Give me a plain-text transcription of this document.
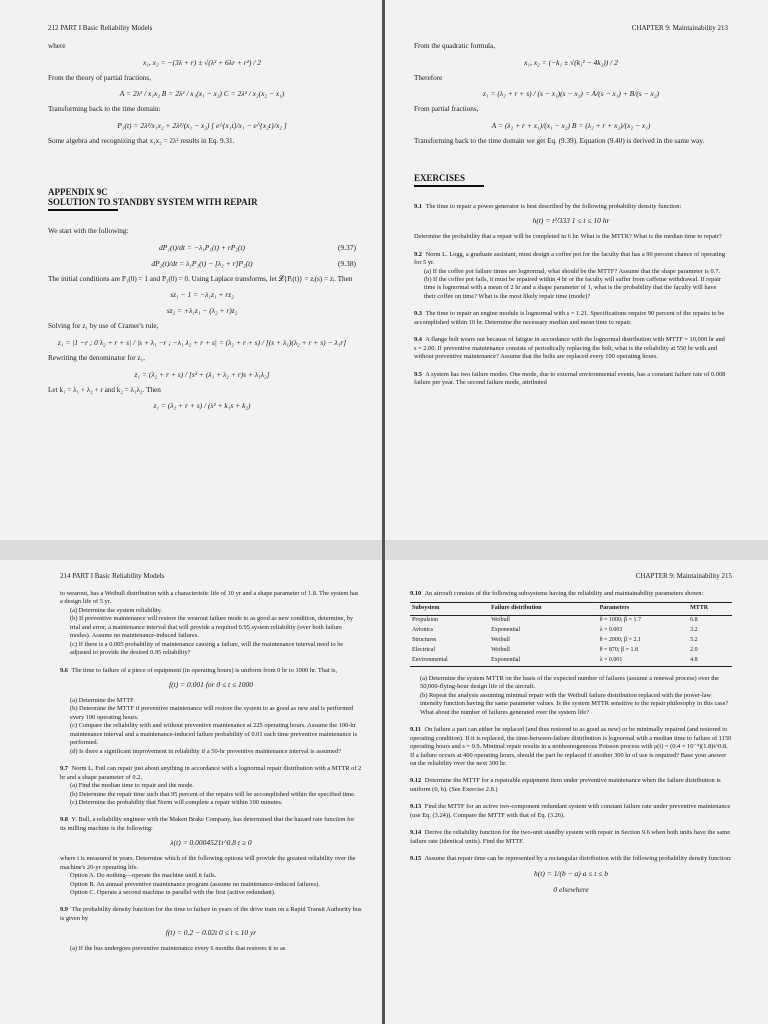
212 PART I Basic Reliability Models
where
x₁, x₂ = −(3λ + r) ± √(λ² + 6λr + r²) / 2
From the theory of partial fractions,
A = 2λ² / x₁x₂ B = 2λ² / x₁(x₁ − x₂) C = 2λ² / x₂(x₂ − x₁)
Transforming back to the time domain:
P₃(t) = 2λ²/x₁x₂ + 2λ²/(x₁ − x₂) [ e^{x₁t}/x₁ − e^{x₂t}/x₂ ]
Some algebra and recognizing that x₁x₂ = 2λ² results in Eq. 9.31.
APPENDIX 9C
SOLUTION TO STANDBY SYSTEM WITH REPAIR
We start with the following:
dP₁(t)/dt = −λ₁P₁(t) + rP₂(t)	(9.37)
dP₂(t)/dt = λ₁P₁(t) − [λ₂ + r]P₂(t)	(9.38)
The initial conditions are P₁(0) = 1 and P₂(0) = 0. Using Laplace transforms, let 𝓛{Pᵢ(t)} = zᵢ(s) = zᵢ. Then
sz₁ − 1 = −λ₁z₁ + rz₂
sz₂ = +λ₁z₁ − (λ₂ + r)z₂
Solving for z₁ by use of Cramer's rule,
z₁ = |1 −r ; 0 λ₂ + r + s| / |s + λ₁ −r ; −λ₁ λ₂ + r + s| = (λ₂ + r + s) / [(s + λ₁)(λ₂ + r + s) − λ₁r]
Rewriting the denominator for z₁,
z₁ = (λ₂ + r + s) / [s² + (λ₁ + λ₂ + r)s + λ₁λ₂]
Let k₁ = λ₁ + λ₂ + r and k₂ = λ₁λ₂. Then
z₁ = (λ₂ + r + s) / (s² + k₁s + k₂)
CHAPTER 9: Maintainability 213
From the quadratic formula,
x₁, x₂ = (−k₁ ± √(k₁² − 4k₂)) / 2
Therefore
z₁ = (λ₂ + r + s) / (s − x₁)(s − x₂) = A/(s − x₁) + B/(s − x₂)
From partial fractions,
A = (λ₂ + r + x₁)/(x₁ − x₂) B = (λ₂ + r + x₂)/(x₂ − x₁)
Transforming back to the time domain we get Eq. (9.39). Equation (9.40) is derived in the same way.
EXERCISES
9.1 The time to repair a power generator is best described by the following probability density function:
h(t) = t²/333 1 ≤ t ≤ 10 hr
Determine the probability that a repair will be completed in 6 hr. What is the MTTR? What is the median time to repair?
9.2 Norm L. Logg, a graduate assistant, must design a coffee pot for the faculty that has a 90 percent chance of operating for 5 yr.
(a) If the coffee pot failure times are lognormal, what should be the MTTF? Assume that the shape parameter is 0.7.
(b) If the coffee pot fails, it must be repaired within 4 hr or the faculty will suffer from caffeine withdrawal. If repair time is lognormal with a mean of 2 hr and a shape parameter of 1, what is the probability that the faculty will have their coffee on time? What is the most likely repair time (mode)?
9.3 The time to repair an engine module is lognormal with s = 1.21. Specifications require 90 percent of the repairs to be accomplished within 10 hr. Determine the necessary median and mean time to repair.
9.4 A flange bolt wears out because of fatigue in accordance with the lognormal distribution with MTTF = 10,000 hr and s = 2.00. If preventive maintenance consists of periodically replacing the bolt, what is the reliability at 550 hr with and without preventive maintenance? Assume that the bolts are replaced every 100 operating hours.
9.5 A system has two failure modes. One mode, due to external environmental events, has a constant failure rate of 0.008 failure per year. The second failure mode, attributed
214 PART I Basic Reliability Models
to wearout, has a Weibull distribution with a characteristic life of 10 yr and a shape parameter of 1.8. The system has a design life of 5 yr.
(a) Determine the system reliability.
(b) If preventive maintenance will restore the wearout failure mode to as good as new condition, determine, by trial and error, a maintenance interval that will provide a required 0.95 system reliability (over both failure modes). Assume no maintenance-induced failures.
(c) If there is a 0.005 probability of maintenance causing a failure, will the maintenance interval need to be adjusted to provide the desired 0.95 reliability?
9.6 The time to failure of a piece of equipment (in operating hours) is uniform from 0 hr to 1000 hr. That is,
f(t) = 0.001 for 0 ≤ t ≤ 1000
(a) Determine the MTTF.
(b) Determine the MTTF if preventive maintenance will restore the system to as good as new and is performed every 100 operating hours.
(c) Compare the reliability with and without preventive maintenance at 225 operating hours. Assume the 100-hr maintenance interval and a maintenance-induced failure probability of 0.01 each time preventive maintenance is performed.
(d) Is there a significant improvement in reliability if a 50-hr preventive maintenance interval is assumed?
9.7 Norm L. Fuil can repair just about anything in accordance with a lognormal repair distribution with a MTTR of 2 hr and a shape parameter of 0.2.
(a) Find the median time to repair and the mode.
(b) Determine the repair time such that 95 percent of the repairs will be accomplished within the specified time.
(c) Determine the probability that Norm will complete a repair within 100 minutes.
9.8 Y. Bull, a reliability engineer with the Maken Brake Company, has determined that the hazard rate function for its milling machine is the following:
λ(t) = 0.0004521t^0.8 t ≥ 0
where t is measured in years. Determine which of the following options will provide the greatest reliability over the machine's 20-yr operating life.
Option A. Do nothing—operate the machine until it fails.
Option B. An annual preventive maintenance program (assume no maintenance-induced failures).
Option C. Operate a second machine in parallel with the first (active redundant).
9.9 The probability density function for the time to failure in years of the drive train on a Rapid Transit Authority bus is given by
f(t) = 0.2 − 0.02t 0 ≤ t ≤ 10 yr
(a) If the bus undergoes preventive maintenance every 6 months that restores it to as
CHAPTER 9: Maintainability 215
9.10 An aircraft consists of the following subsystems having the reliability and maintainability parameters shown:
Subsystem	Failure distribution	Parameters	MTTR
Propulsion	Weibull	θ = 1000; β = 1.7	6.8
Avionics	Exponential	λ = 0.003	3.2
Structures	Weibull	θ = 2000; β = 2.1	5.2
Electrical	Weibull	θ = 870; β = 1.8	2.0
Environmental	Exponential	λ = 0.001	4.8
(a) Determine the system MTTR on the basis of the expected number of failures (assume a renewal process) over the 50,000-flying-hour design life of the aircraft.
(b) Repeat the analysis assuming minimal repair with the Weibull failure distribution replaced with the power-law intensity function having the same parameter values. Is the system MTTR sensitive to the repair philosophy in this case? What about the number of failures generated over the system life?
9.11 On failure a part can either be replaced (and thus restored to as good as new) or be minimally repaired (and restored to operating condition). If it is replaced, the time-between-failure distribution is lognormal with a median time to failure of 1150 operating hours and s = 0.9. Minimal repair results in a nonhomogeneous Poisson process with ρ(t) = (0.4 × 10⁻⁴)(1.8)t^0.8. If a failure occurs at 400 operating hours, should the part be replaced if another 300 hr of use is required? Base your answer on the reliability over the next 300 hr.
9.12 Determine the MTTF for a repairable equipment item under preventive maintenance when the failure distribution is uniform (0, b). (See Exercise 2.8.)
9.13 Find the MTTF for an active two-component redundant system with constant failure rate under preventive maintenance (use Eq. (3.24)). Compare the MTTF with that of Eq. (3.26).
9.14 Derive the reliability function for the two-unit standby system with repair in Section 9.6 when both units have the same failure rate (identical units). Find the MTTF.
9.15 Assume that repair time can be represented by a rectangular distribution with the following probability density function:
h(t) = 1/(b − a) a ≤ t ≤ b
0 elsewhere
